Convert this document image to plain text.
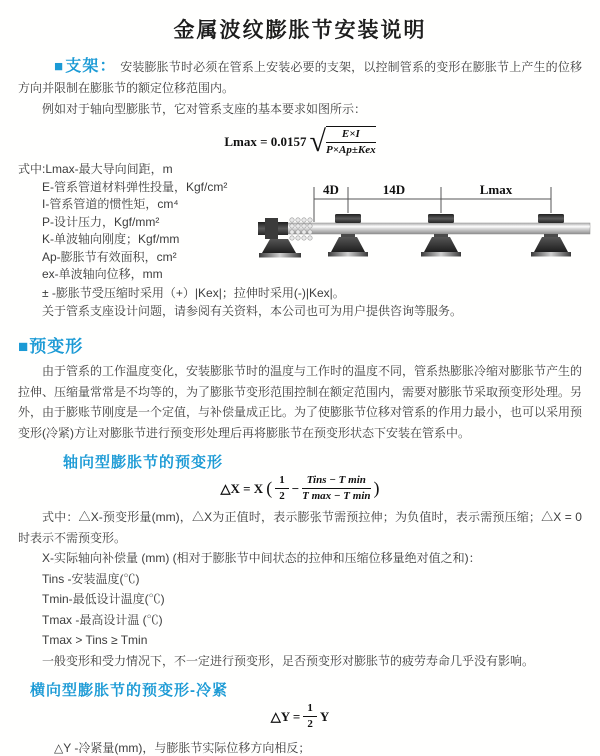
金属波纹膨胀节安装说明

■支架： 安装膨胀节时必须在管系上安装必要的支架，以控制管系的变形在膨胀节上产生的位移方向并限制在膨胀节的额定位移范围内。

例如对于轴向型膨胀节，它对管系支座的基本要求如图所示：

Lmax = 0.0157 √ $\frac{E\times I}{\text{P×Ap±Kex}}$
式中:Lmax-最大导向间距，m
E-管系管道材料弹性投量，Kgf/cm²
I-管系管道的惯性矩，cm⁴
P-设计压力，Kgf/mm²
K-单波轴向刚度；Kgf/mm
Ap-膨胀节有效面积，cm²
ex-单波轴向位移，mm
4D	14D	Lmax
± -膨胀节受压缩时采用（+）|Kex|；拉伸时采用(-)|Kex|。
关于管系支座设计问题，请参阅有关资料，本公司也可为用户提供咨询等服务。
■预变形

由于管系的工作温度变化，安装膨胀节时的温度与工作时的温度不同，管系热膨胀冷缩对膨胀节产生的拉伸、压缩量常常是不均等的，为了膨胀节变形范围控制在额定范围内，需要对膨胀节采取预变形处理。另外，由于膨账节刚度是一个定值，与补偿量成正比。为了使膨胀节位移对管系的作用力最小，也可以采用预变形(冷紧)方让对膨胀节进行预变形处理后再将膨胀节在预变形状态下安装在管系中。

轴向型膨胀节的预变形
△X = X ( $\frac{1}{2} - \frac{\text{Tins − T min}}{\text{T max − T min}}$ )

式中：△X-预变形量(mm)，△X为正值时，表示膨张节需预拉伸；为负值时，表示需预压缩；△X = 0时表示不需预变形。

X-实际轴向补偿量 (mm) (相对于膨胀节中间状态的拉伸和压缩位移量绝对值之和)：
Tins -安装温度(℃)
Tmin-最低设计温度(℃)
Tmax -最高设计温 (℃)
Tmax > Tins ≥ Tmin
一般变形和受力情况下，不一定进行预变形，足否预变形对膨胀节的疲劳寿命几乎没有影响。
横向型膨胀节的预变形-冷紧
△Y = $\frac{1}{2}$ Y
△Y -冷紧量(mm)，与膨胀节实际位移方向相反；
